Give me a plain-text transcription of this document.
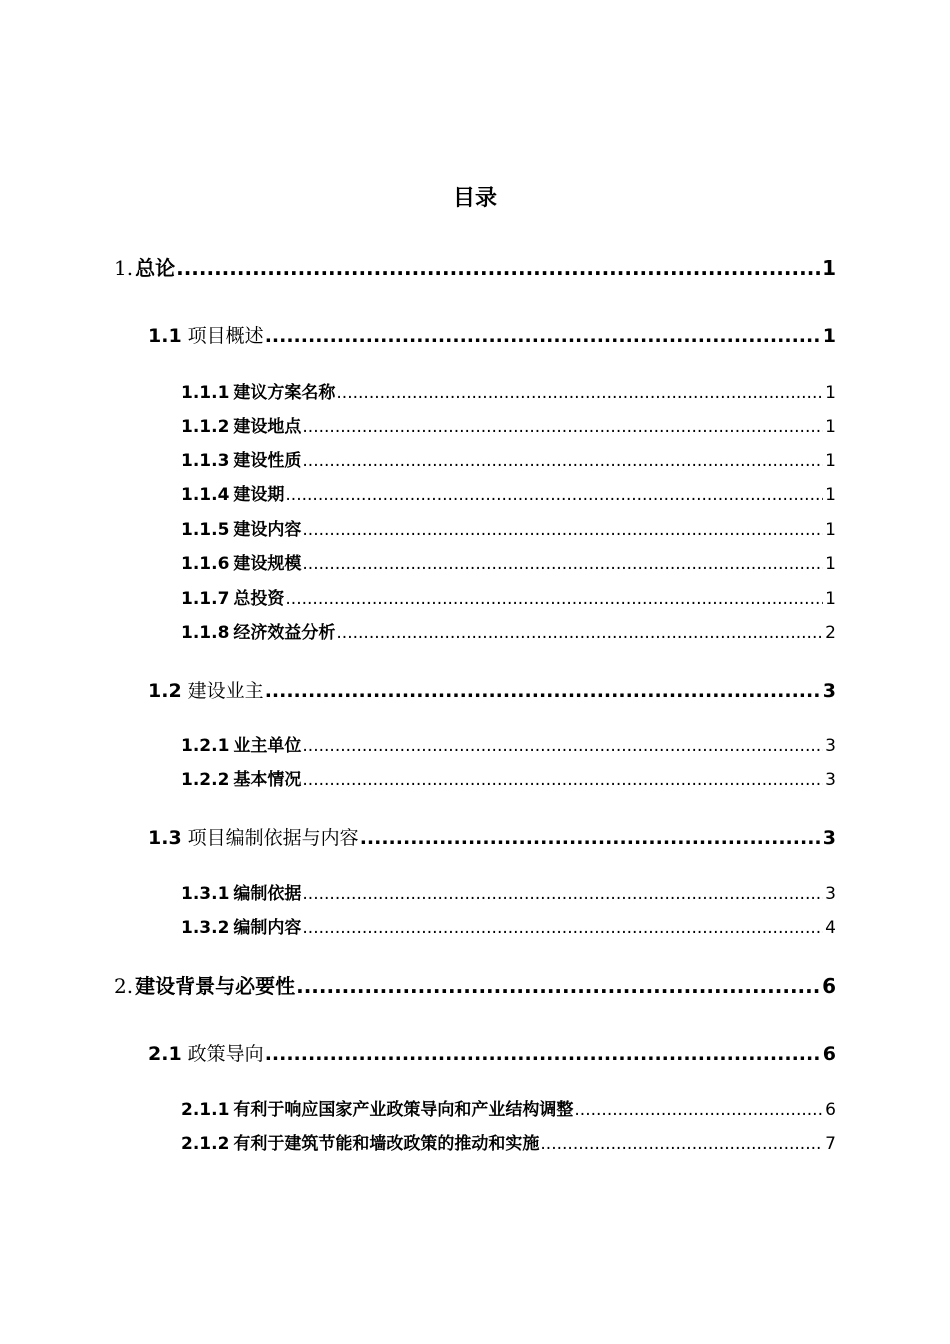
目录
1. 总论 .....	1
1.1 项目概述 .....	1
1.1.1 建议方案名称 .....	1
1.1.2 建设地点 .....	1
1.1.3 建设性质 .....	1
1.1.4 建设期 .....	1
1.1.5 建设内容 .....	1
1.1.6 建设规模 .....	1
1.1.7 总投资 .....	1
1.1.8 经济效益分析 .....	2
1.2 建设业主 .....	3
1.2.1 业主单位 .....	3
1.2.2 基本情况 .....	3
1.3 项目编制依据与内容 .....	3
1.3.1 编制依据 .....	3
1.3.2 编制内容 .....	4
2. 建设背景与必要性 .....	6
2.1 政策导向 .....	6
2.1.1 有利于响应国家产业政策导向和产业结构调整 .....	6
2.1.2 有利于建筑节能和墙改政策的推动和实施 .....	7
